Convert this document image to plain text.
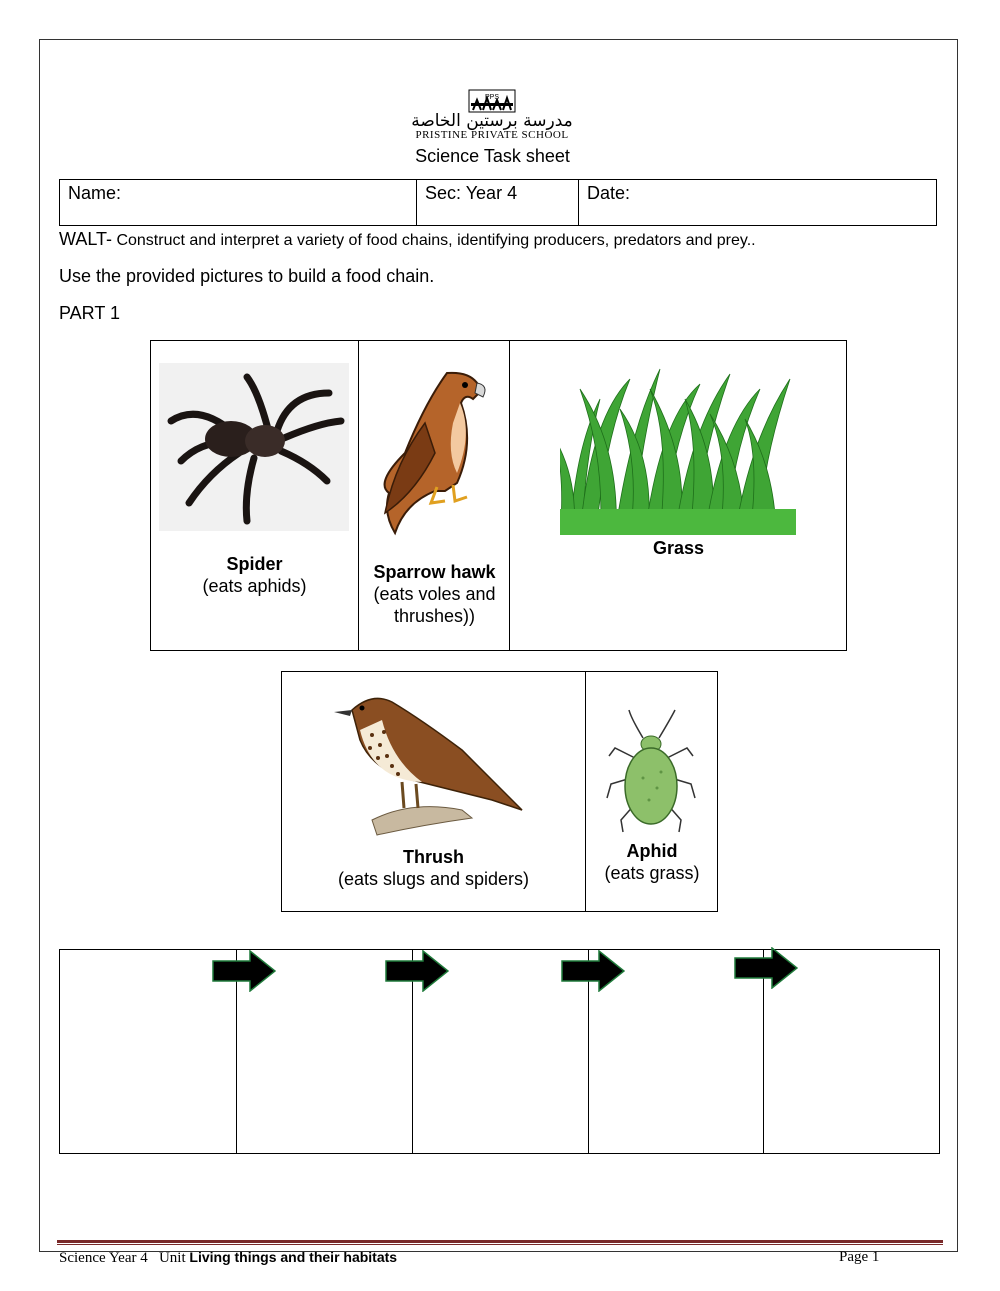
PPS
مدرسة برستين الخاصة
PRISTINE PRIVATE SCHOOL
Science Task sheet
Name:	Sec: Year 4	Date:
WALT- Construct and interpret a variety of food chains, identifying producers, predators and prey..
Use the provided pictures to build a food chain.
PART 1
Spider
(eats aphids)
Sparrow hawk
(eats voles and
thrushes))
Grass
Thrush
(eats slugs and spiders)
Aphid
(eats grass)
Science Year 4   Unit Living things and their habitats	Page 1
